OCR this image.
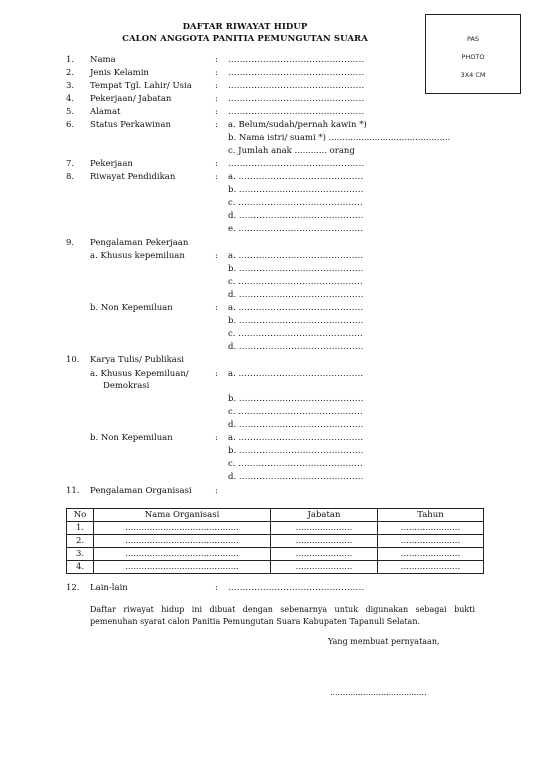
DAFTAR RIWAYAT HIDUP
CALON ANGGOTA PANITIA PEMUNGUTAN SUARA	PAS
PHOTO
3X4 CM
1. Nama	: ...............................................
2. Jenis Kelamin	: ...............................................
3. Tempat Tgl. Lahir/ Usia	: ...............................................
4. Pekerjaan/ Jabatan	: ...............................................
5. Alamat	: ...............................................
6. Status Perkawinan	: a. Belum/sudah/pernah kawin *)
b. Nama istri/ suami *) .............................................
c. Jumlah anak ............ orang
7. Pekerjaan	: ...............................................
8. Riwayat Pendidikan	: a. ...........................................
b. ...........................................
c. ...........................................
d. ...........................................
e. ...........................................
9. Pengalaman Pekerjaan
a. Khusus kepemiluan	: a. ...........................................
b. ...........................................
c. ...........................................
d. ...........................................
b. Non Kepemiluan	: a. ...........................................
b. ...........................................
c. ...........................................
d. ...........................................
10. Karya Tulis/ Publikasi
a. Khusus Kepemiluan/	: a. ...........................................
Demokrasi
b. ...........................................
c. ...........................................
d. ...........................................
b. Non Kepemiluan	: a. ...........................................
b. ...........................................
c. ...........................................
d. ...........................................
11. Pengalaman Organisasi	:
No	Nama Organisasi	Jabatan	Tahun
1.	..........................................	.....................	......................
2.	..........................................	.....................	......................
3.	..........................................	.....................	......................
4.	..........................................	.....................	......................
12. Lain-lain	: ...............................................
Daftar riwayat hidup ini dibuat dengan sebenarnya untuk digunakan sebagai bukti pemenuhan syarat calon Panitia Pemungutan Suara Kabupaten Tapanuli Selatan.
Yang membuat pernyataan,
......................................
